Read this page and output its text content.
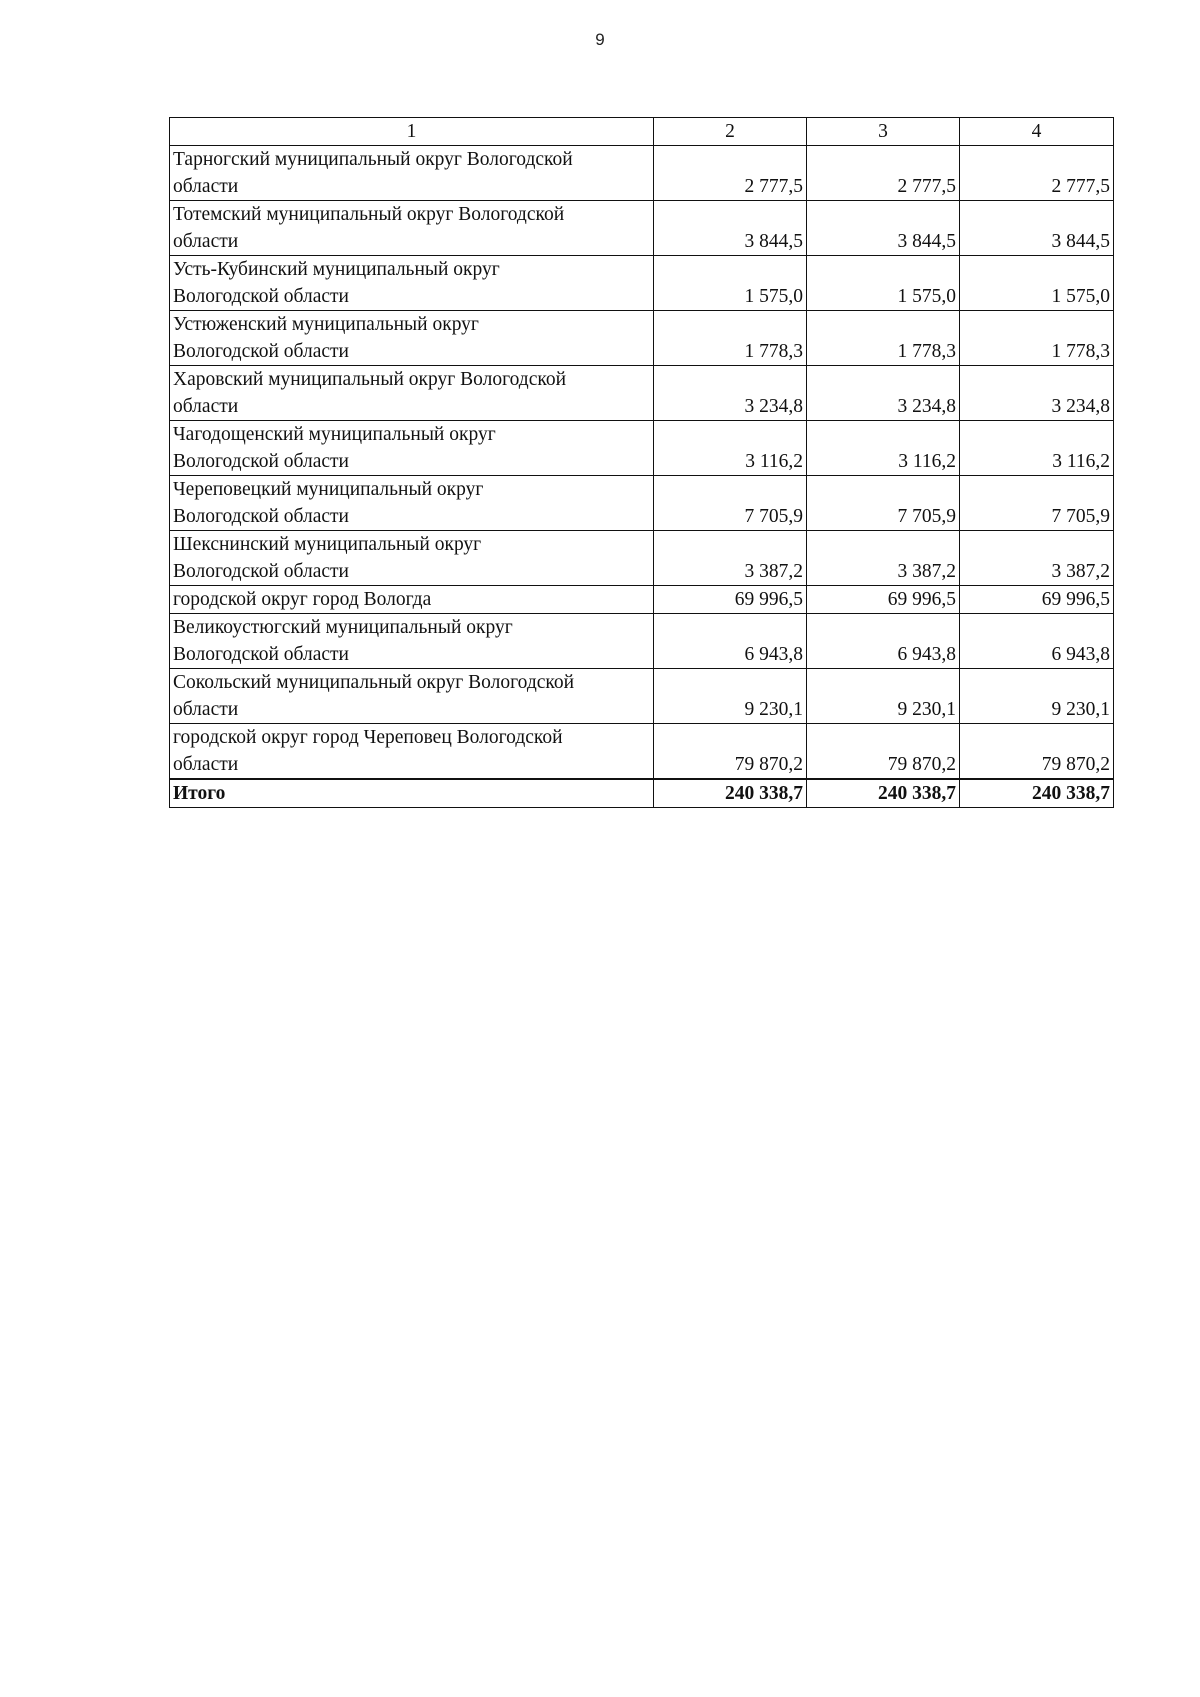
9
1	2	3	4

Тарногский муниципальный округ Вологодской
области	2 777,5	2 777,5	2 777,5

Тотемский муниципальный округ Вологодской
области	3 844,5	3 844,5	3 844,5

Усть-Кубинский муниципальный округ
Вологодской области	1 575,0	1 575,0	1 575,0

Устюженский муниципальный округ
Вологодской области	1 778,3	1 778,3	1 778,3

Харовский муниципальный округ Вологодской
области	3 234,8	3 234,8	3 234,8

Чагодощенский муниципальный округ
Вологодской области	3 116,2	3 116,2	3 116,2

Череповецкий муниципальный округ
Вологодской области	7 705,9	7 705,9	7 705,9

Шекснинский муниципальный округ
Вологодской области	3 387,2	3 387,2	3 387,2

городской округ город Вологда	69 996,5	69 996,5	69 996,5

Великоустюгский муниципальный округ
Вологодской области	6 943,8	6 943,8	6 943,8

Сокольский муниципальный округ Вологодской
области	9 230,1	9 230,1	9 230,1

городской округ город Череповец Вологодской
области	79 870,2	79 870,2	79 870,2
Итого	240 338,7	240 338,7	240 338,7
